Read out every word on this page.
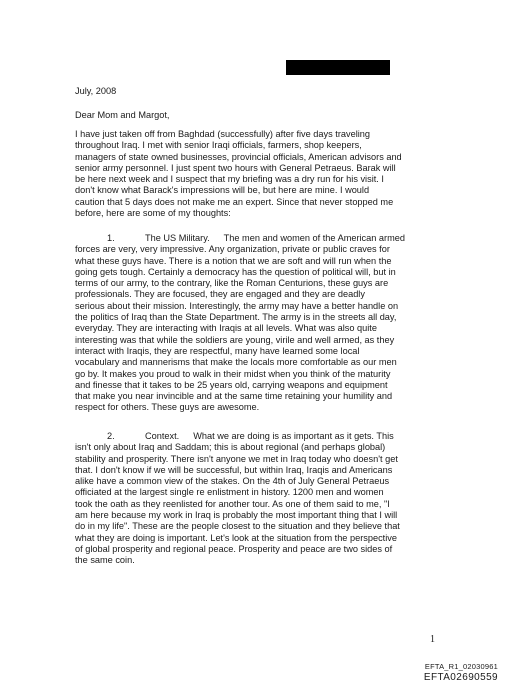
July, 2008
Dear Mom and Margot,
I have just taken off from Baghdad (successfully) after five days traveling
throughout Iraq. I met with senior Iraqi officials, farmers, shop keepers,
managers of state owned businesses, provincial officials, American advisors and
senior army personnel. I just spent two hours with General Petraeus. Barak will
be here next week and I suspect that my briefing was a dry run for his visit. I
don't know what Barack's impressions will be, but here are mine. I would
caution that 5 days does not make me an expert. Since that never stopped me
before, here are some of my thoughts:
1.	The US Military. The men and women of the American armed
forces are very, very impressive. Any organization, private or public craves for
what these guys have. There is a notion that we are soft and will run when the
going gets tough. Certainly a democracy has the question of political will, but in
terms of our army, to the contrary, like the Roman Centurions, these guys are
professionals. They are focused, they are engaged and they are deadly
serious about their mission. Interestingly, the army may have a better handle on
the politics of Iraq than the State Department. The army is in the streets all day,
everyday. They are interacting with Iraqis at all levels. What was also quite
interesting was that while the soldiers are young, virile and well armed, as they
interact with Iraqis, they are respectful, many have learned some local
vocabulary and mannerisms that make the locals more comfortable as our men
go by. It makes you proud to walk in their midst when you think of the maturity
and finesse that it takes to be 25 years old, carrying weapons and equipment
that make you near invincible and at the same time retaining your humility and
respect for others. These guys are awesome.
2.	Context. What we are doing is as important as it gets. This
isn't only about Iraq and Saddam; this is about regional (and perhaps global)
stability and prosperity. There isn't anyone we met in Iraq today who doesn't get
that. I don't know if we will be successful, but within Iraq, Iraqis and Americans
alike have a common view of the stakes. On the 4th of July General Petraeus
officiated at the largest single re enlistment in history. 1200 men and women
took the oath as they reenlisted for another tour. As one of them said to me, "I
am here because my work in Iraq is probably the most important thing that I will
do in my life". These are the people closest to the situation and they believe that
what they are doing is important. Let's look at the situation from the perspective
of global prosperity and regional peace. Prosperity and peace are two sides of
the same coin.
1
EFTA_R1_02030961
EFTA02690559
